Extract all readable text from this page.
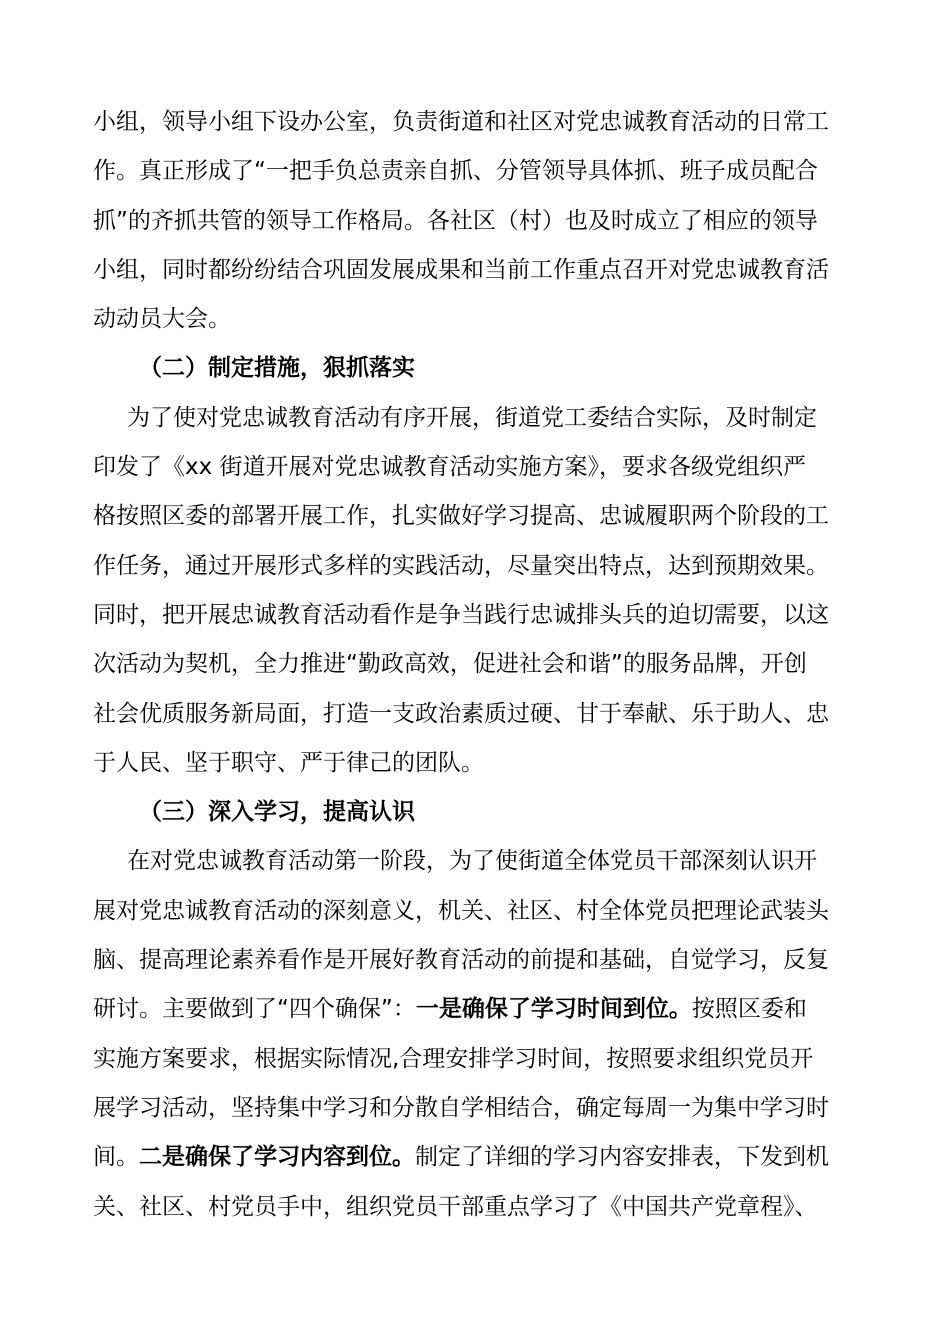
小组，领导小组下设办公室，负责街道和社区对党忠诚教育活动的日常工
作。真正形成了“一把手负总责亲自抓、分管领导具体抓、班子成员配合
抓”的齐抓共管的领导工作格局。各社区（村）也及时成立了相应的领导
小组，同时都纷纷结合巩固发展成果和当前工作重点召开对党忠诚教育活
动动员大会。
（二）制定措施，狠抓落实
为了使对党忠诚教育活动有序开展，街道党工委结合实际，及时制定
印发了《xx 街道开展对党忠诚教育活动实施方案》，要求各级党组织严
格按照区委的部署开展工作，扎实做好学习提高、忠诚履职两个阶段的工
作任务，通过开展形式多样的实践活动，尽量突出特点，达到预期效果。
同时，把开展忠诚教育活动看作是争当践行忠诚排头兵的迫切需要，以这
次活动为契机，全力推进“勤政高效，促进社会和谐”的服务品牌，开创
社会优质服务新局面，打造一支政治素质过硬、甘于奉献、乐于助人、忠
于人民、坚于职守、严于律己的团队。
（三）深入学习，提高认识
在对党忠诚教育活动第一阶段，为了使街道全体党员干部深刻认识开
展对党忠诚教育活动的深刻意义，机关、社区、村全体党员把理论武装头
脑、提高理论素养看作是开展好教育活动的前提和基础，自觉学习，反复
研讨。主要做到了“四个确保”：一是确保了学习时间到位。按照区委和
实施方案要求，根据实际情况,合理安排学习时间，按照要求组织党员开
展学习活动，坚持集中学习和分散自学相结合，确定每周一为集中学习时
间。二是确保了学习内容到位。制定了详细的学习内容安排表，下发到机
关、社区、村党员手中，组织党员干部重点学习了《中国共产党章程》、
